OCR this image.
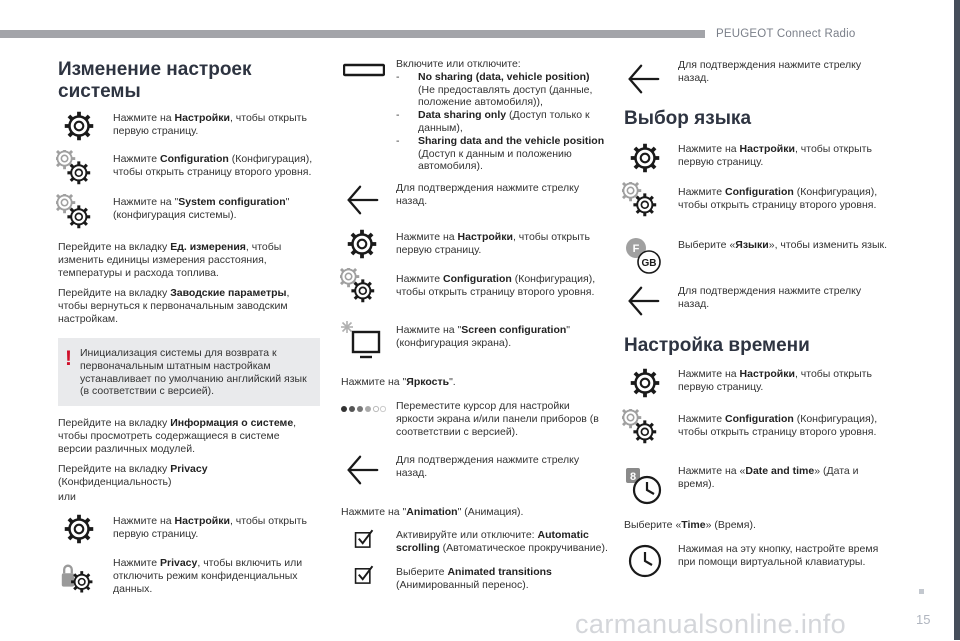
PEUGEOT Connect Radio
15
carmanualsonline.info
Изменение настроек системы
Нажмите на Настройки, чтобы открыть первую страницу.
Нажмите Configuration (Конфигурация), чтобы открыть страницу второго уровня.
Нажмите на "System configuration" (конфигурация системы).
Перейдите на вкладку Ед. измерения, чтобы изменить единицы измерения расстояния, температуры и расхода топлива.
Перейдите на вкладку Заводские параметры, чтобы вернуться к первоначальным заводским настройкам.
! Инициализация системы для возврата к первоначальным штатным настройкам устанавливает по умолчанию английский язык (в соответствии с версией).
Перейдите на вкладку Информация о системе, чтобы просмотреть содержащиеся в системе версии различных модулей.
Перейдите на вкладку Privacy (Конфиденциальность)
или
Нажмите на Настройки, чтобы открыть первую страницу.
Нажмите Privacy, чтобы включить или отключить режим конфиденциальных данных.
Включите или отключите:
- No sharing (data, vehicle position) (Не предоставлять доступ (данные, положение автомобиля)),
- Data sharing only (Доступ только к данным),
- Sharing data and the vehicle position (Доступ к данным и положению автомобиля).
Для подтверждения нажмите стрелку назад.
Нажмите на Настройки, чтобы открыть первую страницу.
Нажмите Configuration (Конфигурация), чтобы открыть страницу второго уровня.
Нажмите на "Screen configuration" (конфигурация экрана).
Нажмите на "Яркость".
Переместите курсор для настройки яркости экрана и/или панели приборов (в соответствии с версией).
Для подтверждения нажмите стрелку назад.
Нажмите на "Animation" (Анимация).
Активируйте или отключите: Automatic scrolling (Автоматическое прокручивание).
Выберите Animated transitions (Анимированный перенос).
Для подтверждения нажмите стрелку назад.
Выбор языка
Нажмите на Настройки, чтобы открыть первую страницу.
Нажмите Configuration (Конфигурация), чтобы открыть страницу второго уровня.
F
GB
Выберите «Языки», чтобы изменить язык.
Для подтверждения нажмите стрелку назад.
Настройка времени
Нажмите на Настройки, чтобы открыть первую страницу.
Нажмите Configuration (Конфигурация), чтобы открыть страницу второго уровня.
8	Нажмите на «Date and time» (Дата и время).
Выберите «Time» (Время).
Нажимая на эту кнопку, настройте время при помощи виртуальной клавиатуры.
